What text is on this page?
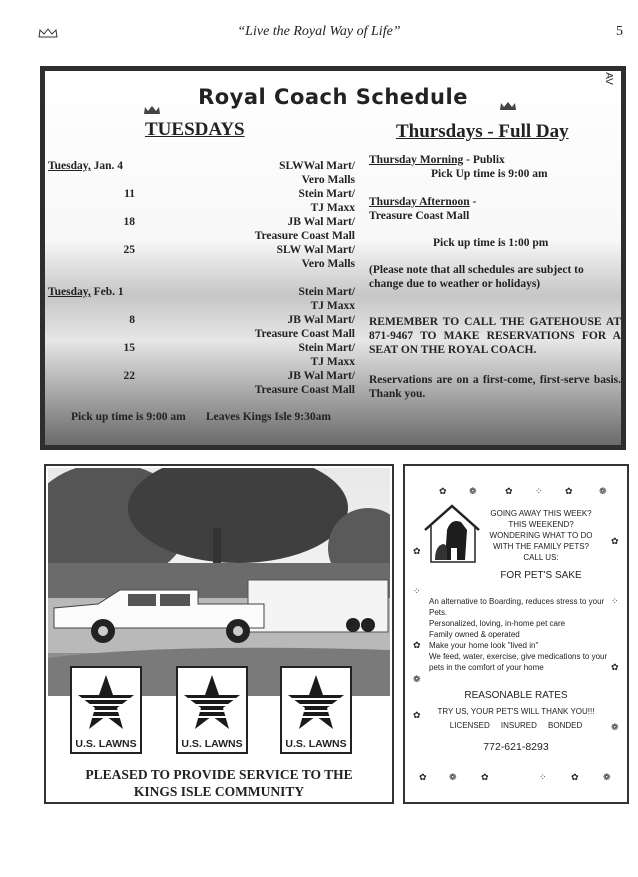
“Live the Royal Way of Life”	5
AV
Royal Coach Schedule
TUESDAYS
Tuesday, Jan. 4	SLWWal Mart/
Vero Malls
11	Stein Mart/
TJ Maxx
18	JB Wal Mart/
Treasure Coast Mall
25	SLW Wal Mart/
Vero Malls
Tuesday, Feb. 1	Stein Mart/
TJ Maxx
8	JB Wal Mart/
Treasure Coast Mall
15	Stein Mart/
TJ Maxx
22	JB Wal Mart/
Treasure Coast Mall
Pick up time is 9:00 am Leaves Kings Isle 9:30am
Thursdays - Full Day
Thursday Morning - Publix
Pick Up time is 9:00 am
Thursday Afternoon -
Treasure Coast Mall
Pick up time is 1:00 pm
(Please note that all schedules are subject to change due to weather or holidays)
REMEMBER TO CALL THE GATEHOUSE AT 871-9467 TO MAKE RESERVATIONS FOR A SEAT ON THE ROYAL COACH.
Reservations are on a first-come, first-serve basis. Thank you.
U.S. LAWNS	U.S. LAWNS	U.S. LAWNS
PLEASED TO PROVIDE SERVICE TO THE
KINGS ISLE COMMUNITY
✿ ❁	✿ ⁘ ✿	❁
✿
⁘
✿
❁
✿
✿
⁘
✿
❁
✿ ❁	✿	⁘	✿	❁
GOING AWAY THIS WEEK?
THIS WEEKEND?
WONDERING WHAT TO DO
WITH THE FAMILY PETS?
CALL US:
FOR PET'S SAKE
An alternative to Boarding, reduces stress to your Pets.
Personalized, loving, in-home pet care
Family owned & operated
Make your home look "lived in"
We feed, water, exercise, give medications to your pets in the comfort of your home
REASONABLE RATES
TRY US, YOUR PET'S WILL THANK YOU!!!
LICENSED     INSURED     BONDED
772-621-8293
